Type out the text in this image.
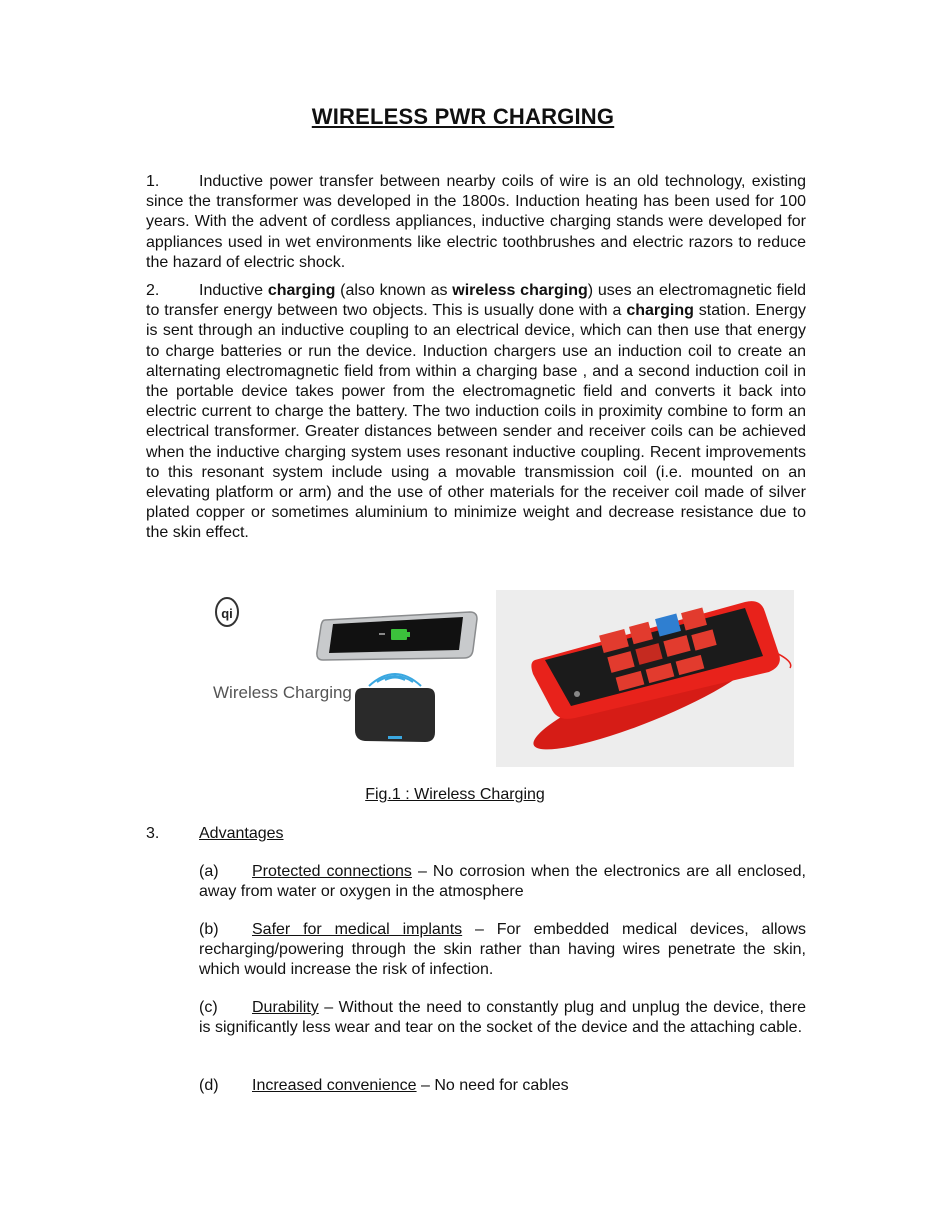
WIRELESS PWR CHARGING
1. Inductive power transfer between nearby coils of wire is an old technology, existing since the transformer was developed in the 1800s. Induction heating has been used for 100 years. With the advent of cordless appliances, inductive charging stands were developed for appliances used in wet environments like electric toothbrushes and electric razors to reduce the hazard of electric shock.
2. Inductive charging (also known as wireless charging) uses an electromagnetic field to transfer energy between two objects. This is usually done with a charging station. Energy is sent through an inductive coupling to an electrical device, which can then use that energy to charge batteries or run the device. Induction chargers use an induction coil to create an alternating electromagnetic field from within a charging base , and a second induction coil in the portable device takes power from the electromagnetic field and converts it back into electric current to charge the battery. The two induction coils in proximity combine to form an electrical transformer. Greater distances between sender and receiver coils can be achieved when the inductive charging system uses resonant inductive coupling. Recent improvements to this resonant system include using a movable transmission coil (i.e. mounted on an elevating platform or arm) and the use of other materials for the receiver coil made of silver plated copper or sometimes aluminium to minimize weight and decrease resistance due to the skin effect.
qi
Wireless Charging
Fig.1 : Wireless Charging
3. Advantages
(a) Protected connections – No corrosion when the electronics are all enclosed, away from water or oxygen in the atmosphere
(b) Safer for medical implants – For embedded medical devices, allows recharging/powering through the skin rather than having wires penetrate the skin, which would increase the risk of infection.
(c) Durability – Without the need to constantly plug and unplug the device, there is significantly less wear and tear on the socket of the device and the attaching cable.
(d) Increased convenience – No need for cables
